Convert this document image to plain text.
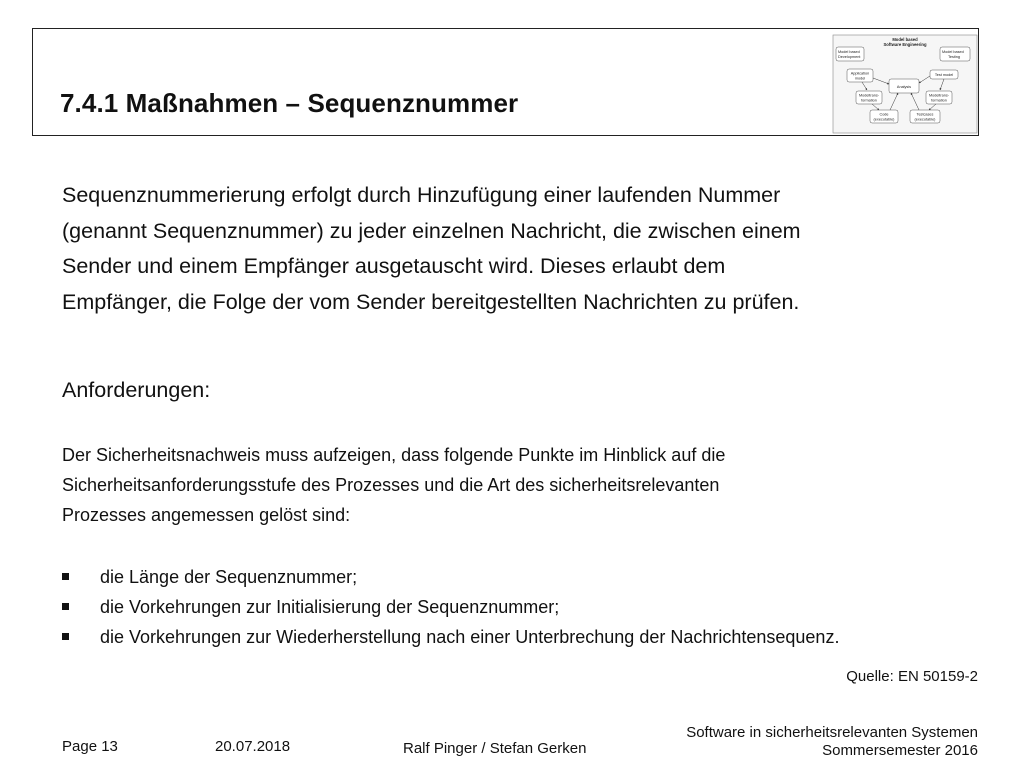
7.4.1 Maßnahmen – Sequenznummer
Model based
Software Engineering
Model based
Development
Model based
Testing
Application
model
Test model
Analysis
Modeltrans-
formation
Modeltrans-
formation
Code
(executable)
Testcases
(executable)
Sequenznummerierung erfolgt durch Hinzufügung einer laufenden Nummer
(genannt Sequenznummer) zu jeder einzelnen Nachricht, die zwischen einem
Sender und einem Empfänger ausgetauscht wird. Dieses erlaubt dem
Empfänger, die Folge der vom Sender bereitgestellten Nachrichten zu prüfen.
Anforderungen:
Der Sicherheitsnachweis muss aufzeigen, dass folgende Punkte im Hinblick auf die
Sicherheitsanforderungsstufe des Prozesses und die Art des sicherheitsrelevanten
Prozesses angemessen gelöst sind:
die Länge der Sequenznummer;
die Vorkehrungen zur Initialisierung der Sequenznummer;
die Vorkehrungen zur Wiederherstellung nach einer Unterbrechung der Nachrichtensequenz.
Quelle: EN 50159-2
Page 13	20.07.2018	Ralf Pinger / Stefan Gerken
Software in sicherheitsrelevanten Systemen
Sommersemester 2016
